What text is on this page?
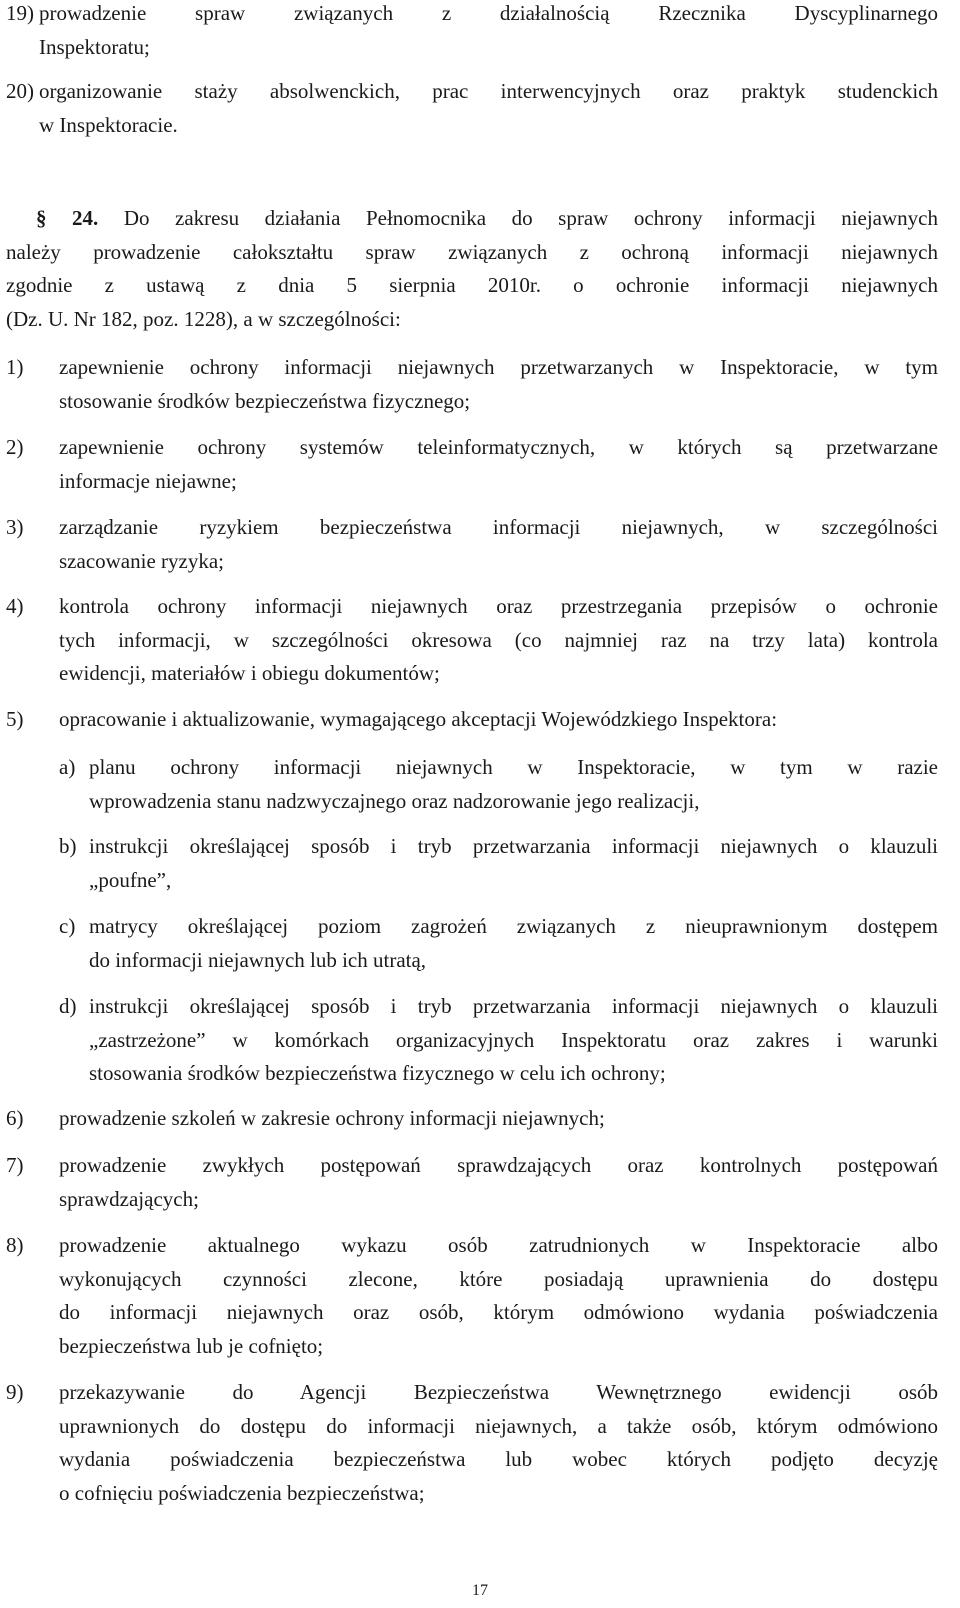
19) prowadzenie spraw związanych z działalnością Rzecznika Dyscyplinarnego
Inspektoratu;
20) organizowanie staży absolwenckich, prac interwencyjnych oraz praktyk studenckich
w Inspektoracie.
§ 24. Do zakresu działania Pełnomocnika do spraw ochrony informacji niejawnych
należy prowadzenie całokształtu spraw związanych z ochroną informacji niejawnych
zgodnie z ustawą z dnia 5 sierpnia 2010r. o ochronie informacji niejawnych
(Dz. U. Nr 182, poz. 1228), a w szczególności:
1) zapewnienie ochrony informacji niejawnych przetwarzanych w Inspektoracie, w tym
stosowanie środków bezpieczeństwa fizycznego;
2) zapewnienie ochrony systemów teleinformatycznych, w których są przetwarzane
informacje niejawne;
3) zarządzanie ryzykiem bezpieczeństwa informacji niejawnych, w szczególności
szacowanie ryzyka;
4) kontrola ochrony informacji niejawnych oraz przestrzegania przepisów o ochronie
tych informacji, w szczególności okresowa (co najmniej raz na trzy lata) kontrola
ewidencji, materiałów i obiegu dokumentów;
5) opracowanie i aktualizowanie, wymagającego akceptacji Wojewódzkiego Inspektora:
a) planu ochrony informacji niejawnych w Inspektoracie, w tym w razie
wprowadzenia stanu nadzwyczajnego oraz nadzorowanie jego realizacji,
b) instrukcji określającej sposób i tryb przetwarzania informacji niejawnych o klauzuli
„poufne”,
c) matrycy określającej poziom zagrożeń związanych z nieuprawnionym dostępem
do informacji niejawnych lub ich utratą,
d) instrukcji określającej sposób i tryb przetwarzania informacji niejawnych o klauzuli
„zastrzeżone” w komórkach organizacyjnych Inspektoratu oraz zakres i warunki
stosowania środków bezpieczeństwa fizycznego w celu ich ochrony;
6) prowadzenie szkoleń w zakresie ochrony informacji niejawnych;
7) prowadzenie zwykłych postępowań sprawdzających oraz kontrolnych postępowań
sprawdzających;
8) prowadzenie aktualnego wykazu osób zatrudnionych w Inspektoracie albo
wykonujących czynności zlecone, które posiadają uprawnienia do dostępu
do informacji niejawnych oraz osób, którym odmówiono wydania poświadczenia
bezpieczeństwa lub je cofnięto;
9) przekazywanie do Agencji Bezpieczeństwa Wewnętrznego ewidencji osób
uprawnionych do dostępu do informacji niejawnych, a także osób, którym odmówiono
wydania poświadczenia bezpieczeństwa lub wobec których podjęto decyzję
o cofnięciu poświadczenia bezpieczeństwa;
17
